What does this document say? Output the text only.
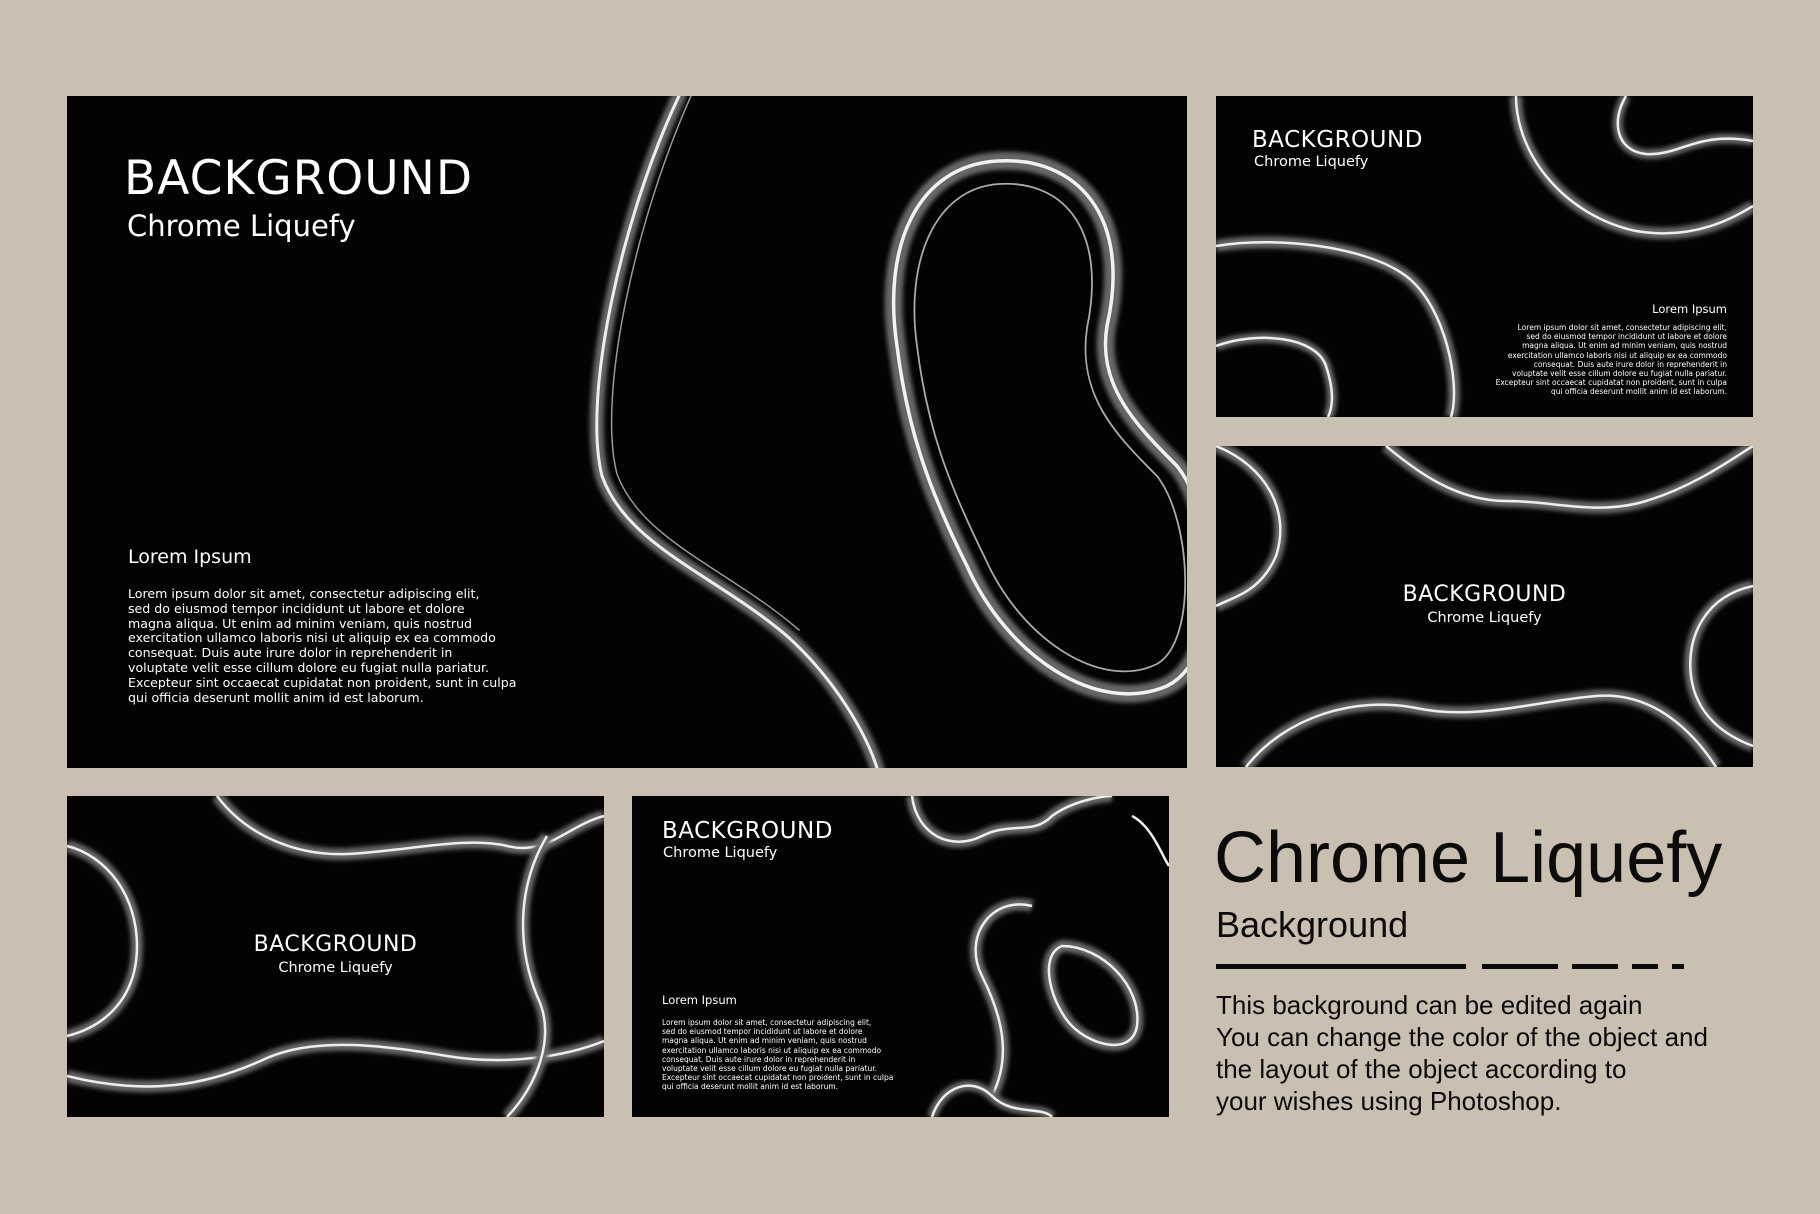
BACKGROUND
Chrome Liquefy
Lorem Ipsum
Lorem ipsum dolor sit amet, consectetur adipiscing elit,
sed do eiusmod tempor incididunt ut labore et dolore
magna aliqua. Ut enim ad minim veniam, quis nostrud
exercitation ullamco laboris nisi ut aliquip ex ea commodo
consequat. Duis aute irure dolor in reprehenderit in
voluptate velit esse cillum dolore eu fugiat nulla pariatur.
Excepteur sint occaecat cupidatat non proident, sunt in culpa
qui officia deserunt mollit anim id est laborum.
BACKGROUND
Chrome Liquefy
Lorem Ipsum
Lorem ipsum dolor sit amet, consectetur adipiscing elit,
sed do eiusmod tempor incididunt ut labore et dolore
magna aliqua. Ut enim ad minim veniam, quis nostrud
exercitation ullamco laboris nisi ut aliquip ex ea commodo
consequat. Duis aute irure dolor in reprehenderit in
voluptate velit esse cillum dolore eu fugiat nulla pariatur.
Excepteur sint occaecat cupidatat non proident, sunt in culpa
qui officia deserunt mollit anim id est laborum.
BACKGROUND
Chrome Liquefy
BACKGROUND
Chrome Liquefy
BACKGROUND
Chrome Liquefy
Lorem Ipsum
Lorem ipsum dolor sit amet, consectetur adipiscing elit,
sed do eiusmod tempor incididunt ut labore et dolore
magna aliqua. Ut enim ad minim veniam, quis nostrud
exercitation ullamco laboris nisi ut aliquip ex ea commodo
consequat. Duis aute irure dolor in reprehenderit in
voluptate velit esse cillum dolore eu fugiat nulla pariatur.
Excepteur sint occaecat cupidatat non proident, sunt in culpa
qui officia deserunt mollit anim id est laborum.
Chrome Liquefy
Background
This background can be edited again
You can change the color of the object and
the layout of the object according to
your wishes using Photoshop.
